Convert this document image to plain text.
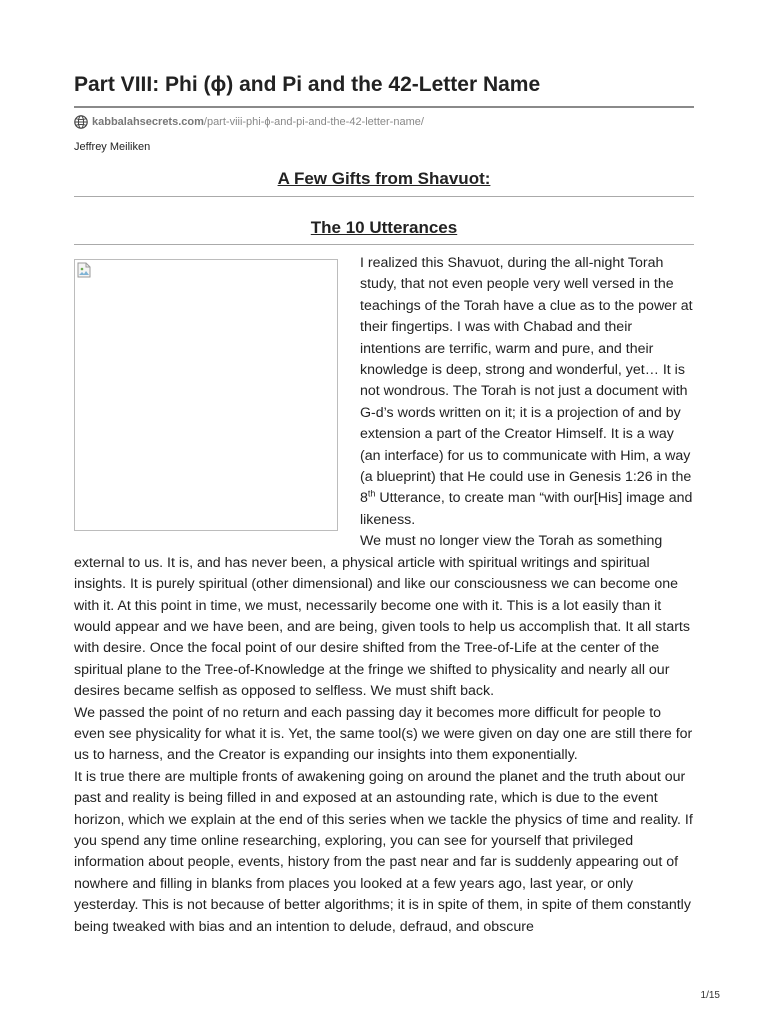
Part VIII: Phi (ɸ) and Pi and the 42-Letter Name
kabbalahsecrets.com /part-viii-phi-ɸ-and-pi-and-the-42-letter-name/
Jeffrey Meiliken
A Few Gifts from Shavuot:
The 10 Utterances

I realized this Shavuot, during the all-night Torah study, that not even people very well versed in the teachings of the Torah have a clue as to the power at their fingertips. I was with Chabad and their intentions are terrific, warm and pure, and their knowledge is deep, strong and wonderful, yet… It is not wondrous. The Torah is not just a document with G-d’s words written on it; it is a projection of and by extension a part of the Creator Himself. It is a way (an interface) for us to communicate with Him, a way (a blueprint) that He could use in Genesis 1:26 in the 8th Utterance, to create man “with our[His] image and likeness.

We must no longer view the Torah as something external to us. It is, and has never been, a physical article with spiritual writings and spiritual insights. It is purely spiritual (other dimensional) and like our consciousness we can become one with it. At this point in time, we must, necessarily become one with it. This is a lot easily than it would appear and we have been, and are being, given tools to help us accomplish that. It all starts with desire. Once the focal point of our desire shifted from the Tree-of-Life at the center of the spiritual plane to the Tree-of-Knowledge at the fringe we shifted to physicality and nearly all our desires became selfish as opposed to selfless. We must shift back.

We passed the point of no return and each passing day it becomes more difficult for people to even see physicality for what it is. Yet, the same tool(s) we were given on day one are still there for us to harness, and the Creator is expanding our insights into them exponentially.

It is true there are multiple fronts of awakening going on around the planet and the truth about our past and reality is being filled in and exposed at an astounding rate, which is due to the event horizon, which we explain at the end of this series when we tackle the physics of time and reality. If you spend any time online researching, exploring, you can see for yourself that privileged information about people, events, history from the past near and far is suddenly appearing out of nowhere and filling in blanks from places you looked at a few years ago, last year, or only yesterday. This is not because of better algorithms; it is in spite of them, in spite of them constantly being tweaked with bias and an intention to delude, defraud, and obscure

1/15
